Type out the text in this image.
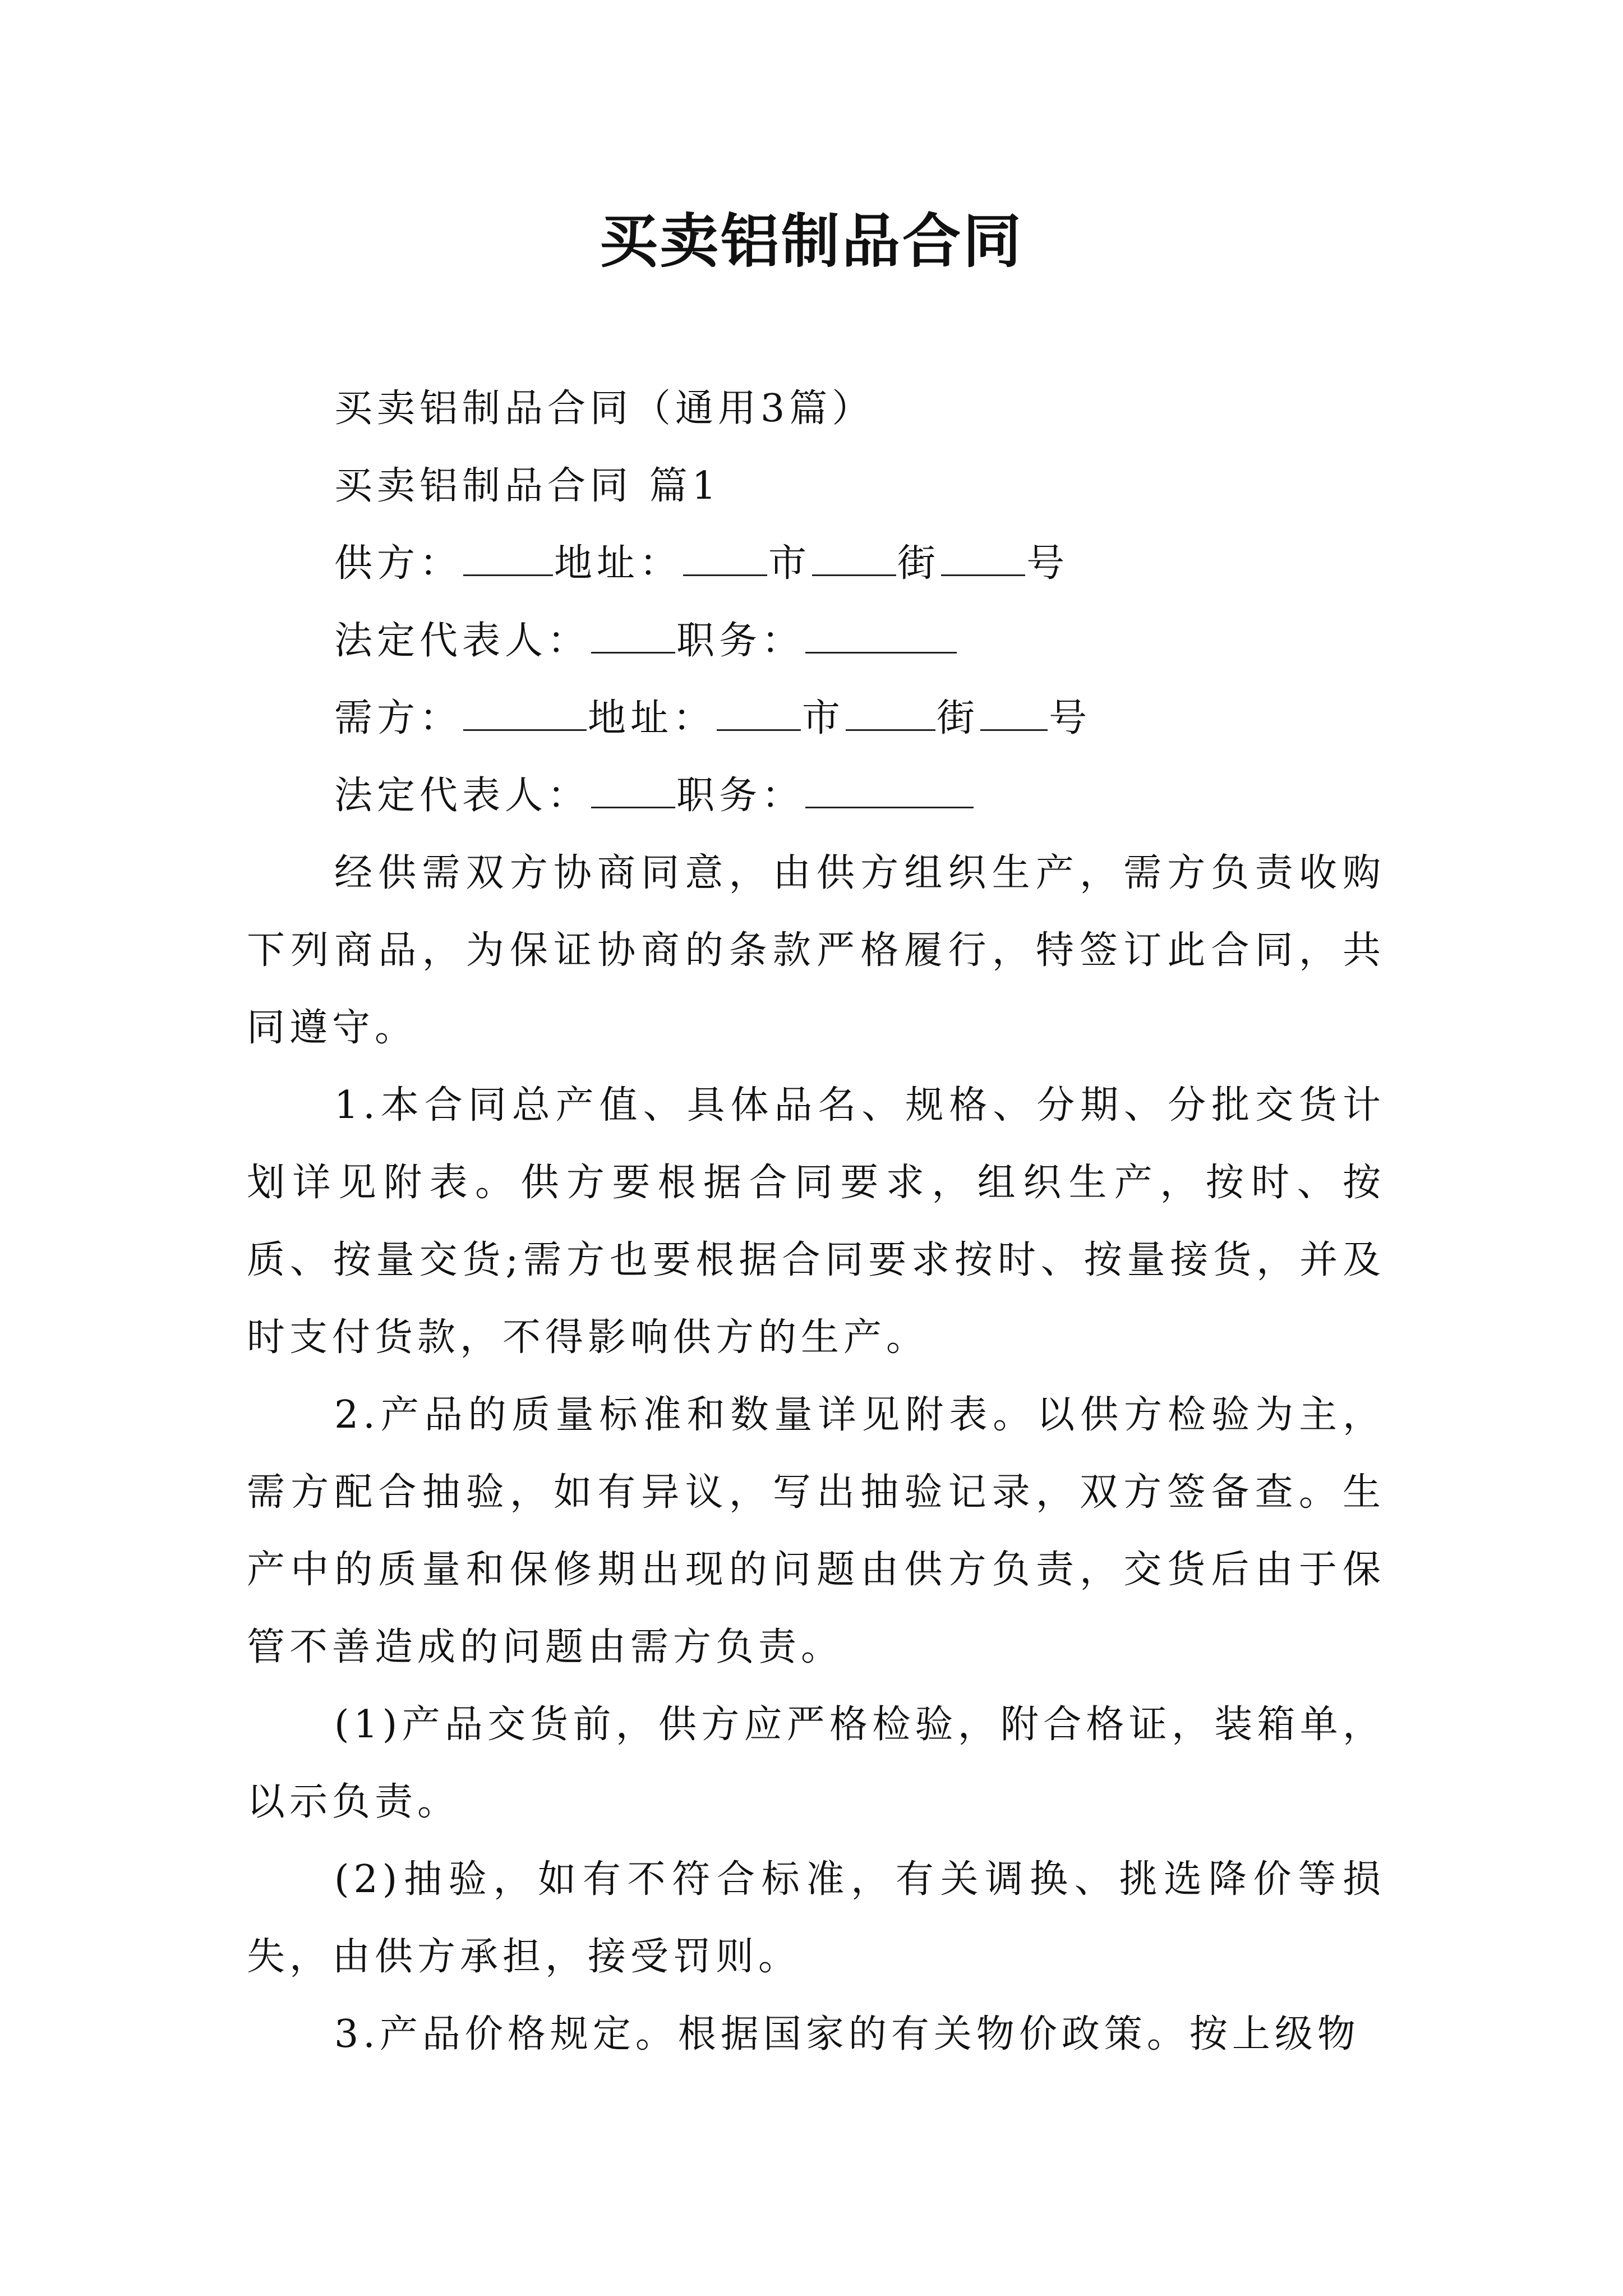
买卖铝制品合同

买卖铝制品合同（通用3篇）

买卖铝制品合同 篇1

供方： 地址： 市 街 号

法定代表人： 职务：

需方：	地址： 市 街 号

法定代表人： 职务：

经供需双方协商同意，由供方组织生产，需方负责收购下列商品，为保证协商的条款严格履行，特签订此合同，共同遵守。

1.本合同总产值、具体品名、规格、分期、分批交货计划详见附表。供方要根据合同要求，组织生产，按时、按质、按量交货;需方也要根据合同要求按时、按量接货，并及时支付货款，不得影响供方的生产。

2.产品的质量标准和数量详见附表。以供方检验为主，需方配合抽验，如有异议，写出抽验记录，双方签备查。生产中的质量和保修期出现的问题由供方负责，交货后由于保管不善造成的问题由需方负责。

(1)产品交货前，供方应严格检验，附合格证，装箱单，以示负责。

(2)抽验，如有不符合标准，有关调换、挑选降价等损失，由供方承担，接受罚则。

3.产品价格规定。根据国家的有关物价政策。按上级物
